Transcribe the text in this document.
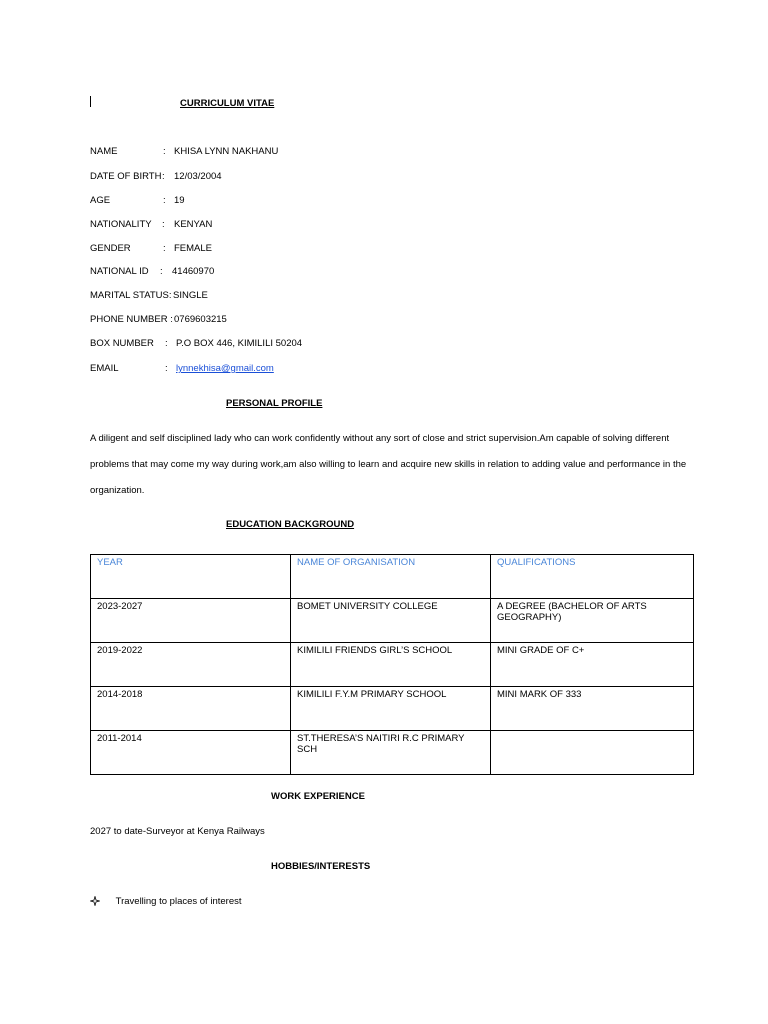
CURRICULUM VITAE
NAME	: KHISA LYNN NAKHANU
DATE OF BIRTH : 12/03/2004
AGE	: 19
NATIONALITY : KENYAN
GENDER	: FEMALE
NATIONAL ID : 41460970
MARITAL STATUS: SINGLE
PHONE NUMBER : 0769603215
BOX NUMBER : P.O BOX 446, KIMILILI 50204
EMAIL	: lynnekhisa@gmail.com
PERSONAL PROFILE
A diligent and self disciplined lady who can work confidently without any sort of close and strict supervision.Am capable of solving different problems that may come my way during work,am also willing to learn and acquire new skills in relation to adding value and performance in the organization.
EDUCATION BACKGROUND
YEAR	NAME OF ORGANISATION	QUALIFICATIONS
2023-2027	BOMET UNIVERSITY COLLEGE	A DEGREE (BACHELOR OF ARTS GEOGRAPHY)
2019-2022	KIMILILI FRIENDS GIRL’S SCHOOL	MINI GRADE OF C+
2014-2018	KIMILILI F.Y.M PRIMARY SCHOOL	MINI MARK OF 333
2011-2014	ST.THERESA’S NAITIRI R.C PRIMARY SCH	
WORK EXPERIENCE
2027 to date-Surveyor at Kenya Railways
HOBBIES/INTERESTS
Travelling to places of interest
